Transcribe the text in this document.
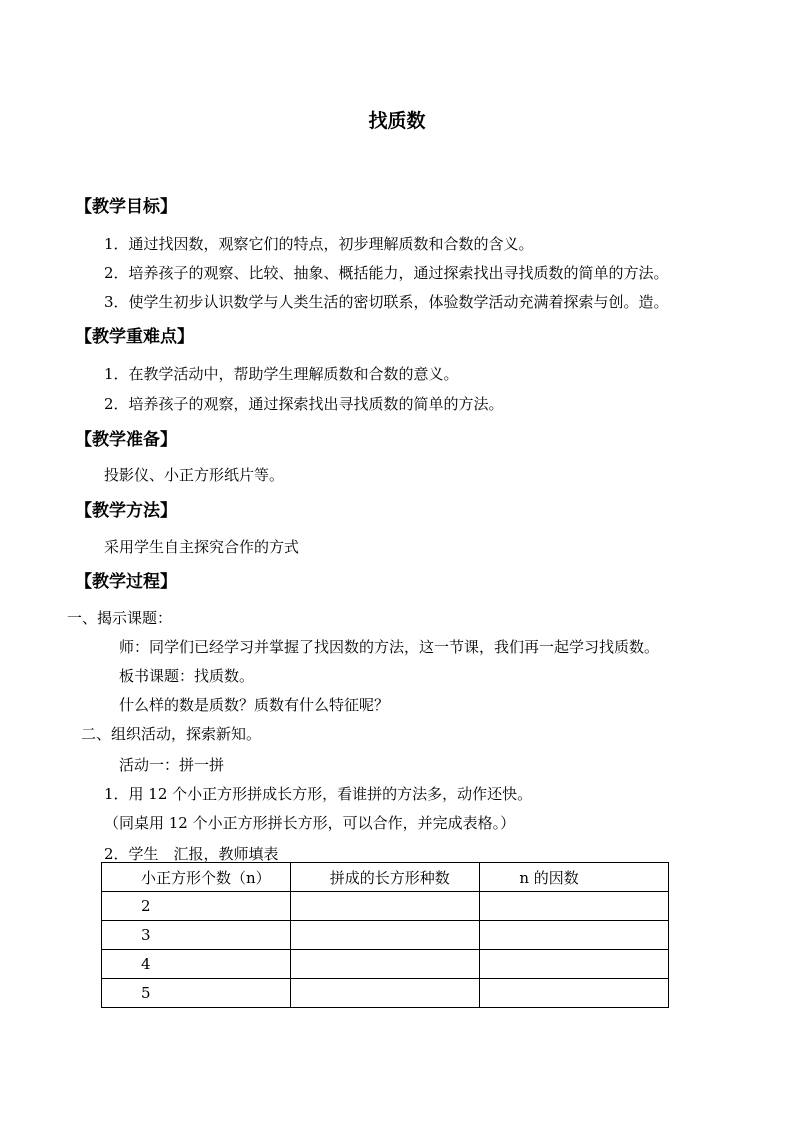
找质数
【教学目标】
1．通过找因数，观察它们的特点，初步理解质数和合数的含义。
2．培养孩子的观察、比较、抽象、概括能力，通过探索找出寻找质数的简单的方法。
3．使学生初步认识数学与人类生活的密切联系，体验数学活动充满着探索与创。造。
【教学重难点】
1．在教学活动中，帮助学生理解质数和合数的意义。
2．培养孩子的观察，通过探索找出寻找质数的简单的方法。
【教学准备】
投影仪、小正方形纸片等。
【教学方法】
采用学生自主探究合作的方式
【教学过程】
一、揭示课题：
师：同学们已经学习并掌握了找因数的方法，这一节课，我们再一起学习找质数。
板书课题：找质数。
什么样的数是质数？质数有什么特征呢？
二、组织活动，探索新知。
活动一：拼一拼
1．用 12 个小正方形拼成长方形，看谁拼的方法多，动作还快。
（同桌用 12 个小正方形拼长方形，可以合作，并完成表格。）
2．学生　汇报，教师填表
小正方形个数（n）	拼成的长方形种数	n 的因数
2		
3		
4		
5		
